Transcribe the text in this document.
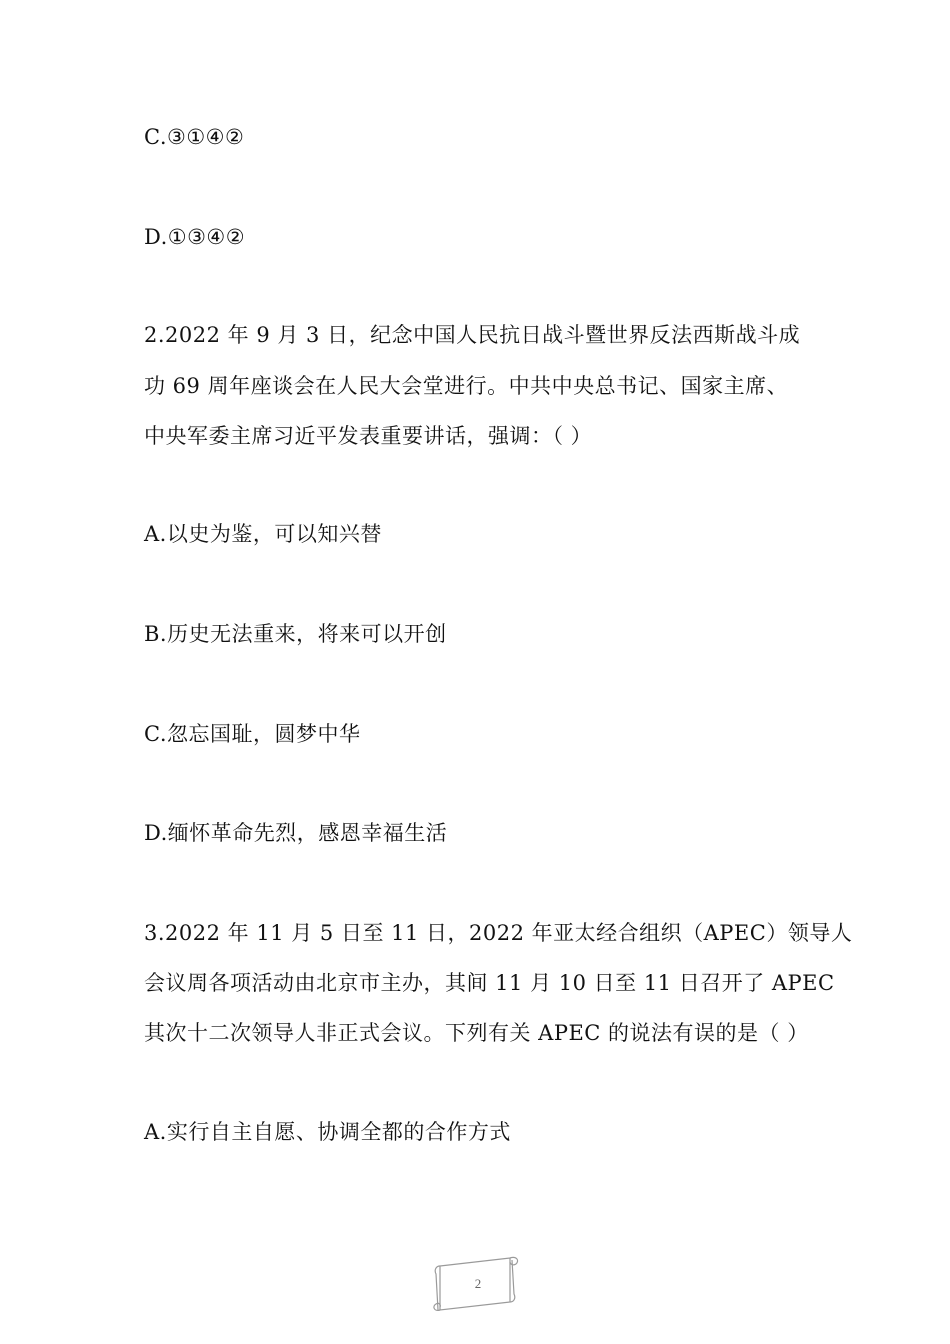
C.③①④②
D.①③④②
2.2022 年 9 月 3 日，纪念中国人民抗日战斗暨世界反法西斯战斗成
功 69 周年座谈会在人民大会堂进行。中共中央总书记、国家主席、
中央军委主席习近平发表重要讲话，强调：（ ）
A.以史为鉴，可以知兴替
B.历史无法重来，将来可以开创
C.忽忘国耻，圆梦中华
D.缅怀革命先烈，感恩幸福生活
3.2022 年 11 月 5 日至 11 日，2022 年亚太经合组织（APEC）领导人
会议周各项活动由北京市主办，其间 11 月 10 日至 11 日召开了 APEC
其次十二次领导人非正式会议。下列有关 APEC 的说法有误的是（ ）
A.实行自主自愿、协调全都的合作方式
2
